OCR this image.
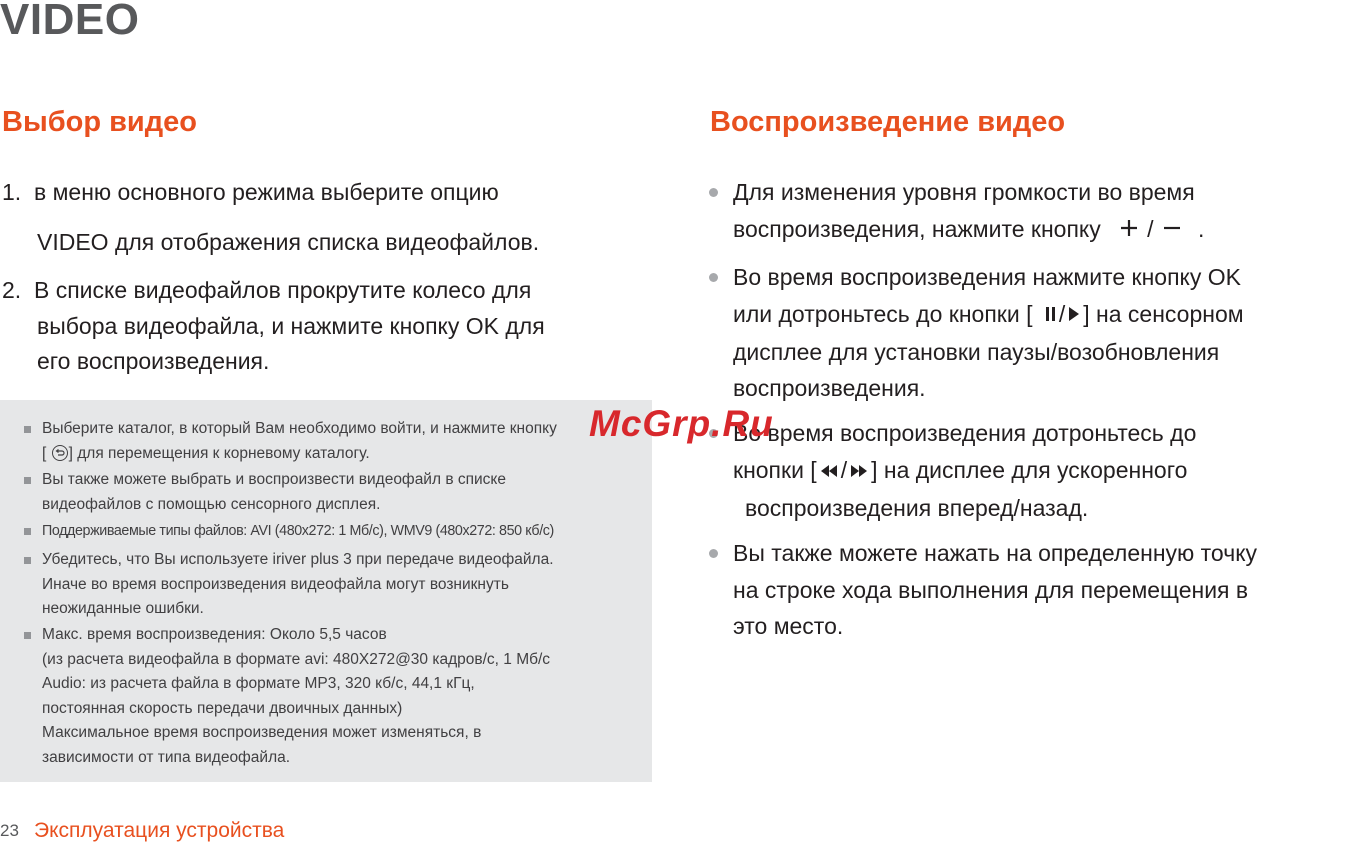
VIDEO
Выбор видео
1. в меню основного режима выберите опцию
VIDEO для отображения списка видеофайлов.
2. В списке видеофайлов прокрутите колесо для
выбора видеофайла, и нажмите кнопку OK для
его воспроизведения.
Выберите каталог, в который Вам необходимо войти, и нажмите кнопку
[ ] для перемещения к корневому каталогу.
Вы также можете выбрать и воспроизвести видеофайл в списке
видеофайлов с помощью сенсорного дисплея.
Поддерживаемые типы файлов: AVI (480x272: 1 Мб/с), WMV9 (480x272: 850 кб/с)
Убедитесь, что Вы используете iriver plus 3 при передаче видеофайла.
Иначе во время воспроизведения видеофайла могут возникнуть
неожиданные ошибки.
Макс. время воспроизведения: Около 5,5 часов
(из расчета видеофайла в формате avi: 480X272@30 кадров/с, 1 Мб/с
Audio: из расчета файла в формате MP3, 320 кб/с, 44,1 кГц,
постоянная скорость передачи двоичных данных)
Максимальное время воспроизведения может изменяться, в
зависимости от типа видеофайла.
Воспроизведение видео
Для изменения уровня громкости во время
воспроизведения, нажмите кнопку / .
Во время воспроизведения нажмите кнопку OK
или дотроньтесь до кнопки [ / ] на сенсорном
дисплее для установки паузы/возобновления
воспроизведения.
Во время воспроизведения дотроньтесь до
кнопки [ / ] на дисплее для ускоренного
воспроизведения вперед/назад.
Вы также можете нажать на определенную точку
на строке хода выполнения для перемещения в
это место.
McGrp.Ru
23 Эксплуатация устройства
